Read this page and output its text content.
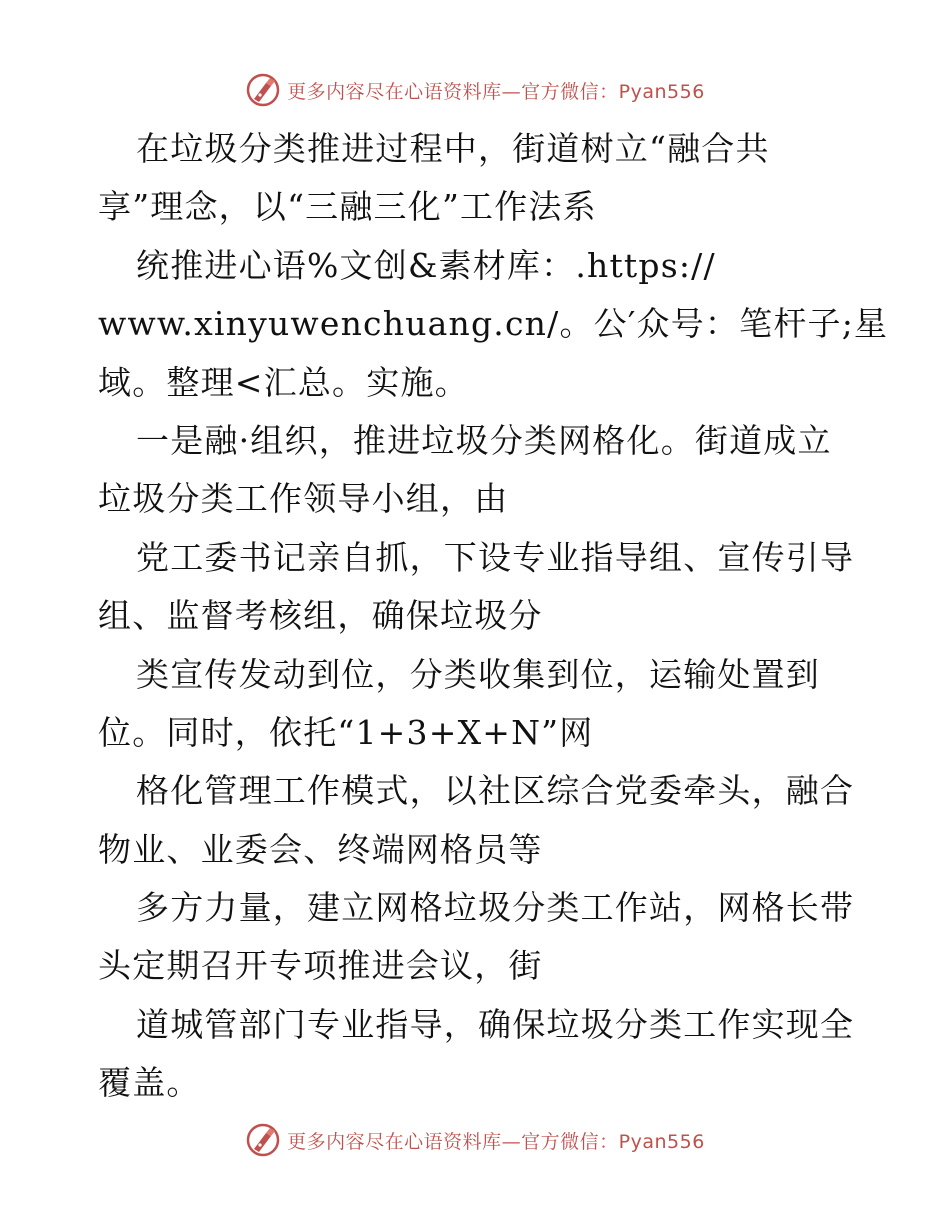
更多内容尽在心语资料库—官方微信：Pyan556
在垃圾分类推进过程中，街道树立“融合共
享”理念，以“三融三化”工作法系
统推进心语%文创&素材库：.https://
www.xinyuwenchuang.cn/。公′众号：笔杆子;星
域。整理<汇总。实施。
一是融·组织，推进垃圾分类网格化。街道成立
垃圾分类工作领导小组，由
党工委书记亲自抓，下设专业指导组、宣传引导
组、监督考核组，确保垃圾分
类宣传发动到位，分类收集到位，运输处置到
位。同时，依托“1+3+X+N”网
格化管理工作模式，以社区综合党委牵头，融合
物业、业委会、终端网格员等
多方力量，建立网格垃圾分类工作站，网格长带
头定期召开专项推进会议，街
道城管部门专业指导，确保垃圾分类工作实现全
覆盖。
更多内容尽在心语资料库—官方微信：Pyan556
